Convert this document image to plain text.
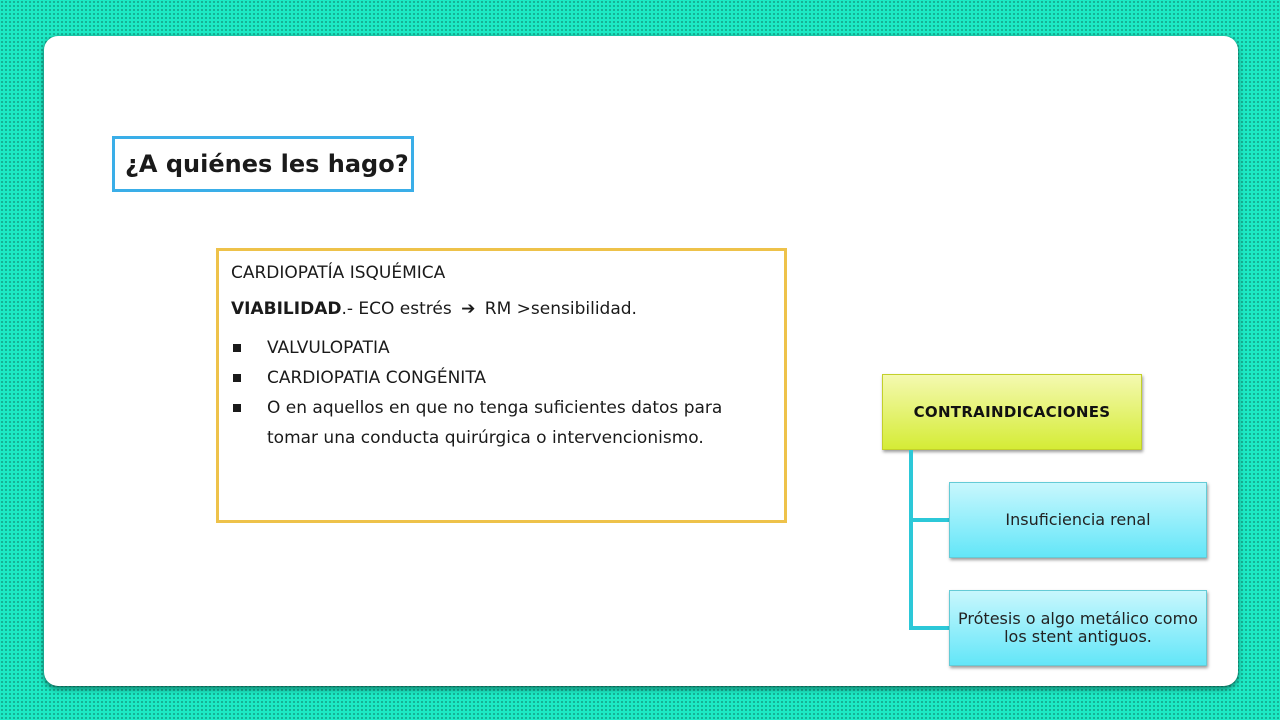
¿A quiénes les hago?
CARDIOPATÍA ISQUÉMICA
VIABILIDAD.- ECO estrés ➔ RM >sensibilidad.
VALVULOPATIA
CARDIOPATIA CONGÉNITA
O en aquellos en que no tenga suficientes datos para tomar una conducta quirúrgica o intervencionismo.
CONTRAINDICACIONES
Insuficiencia renal
Prótesis o algo metálico como los stent antiguos.
